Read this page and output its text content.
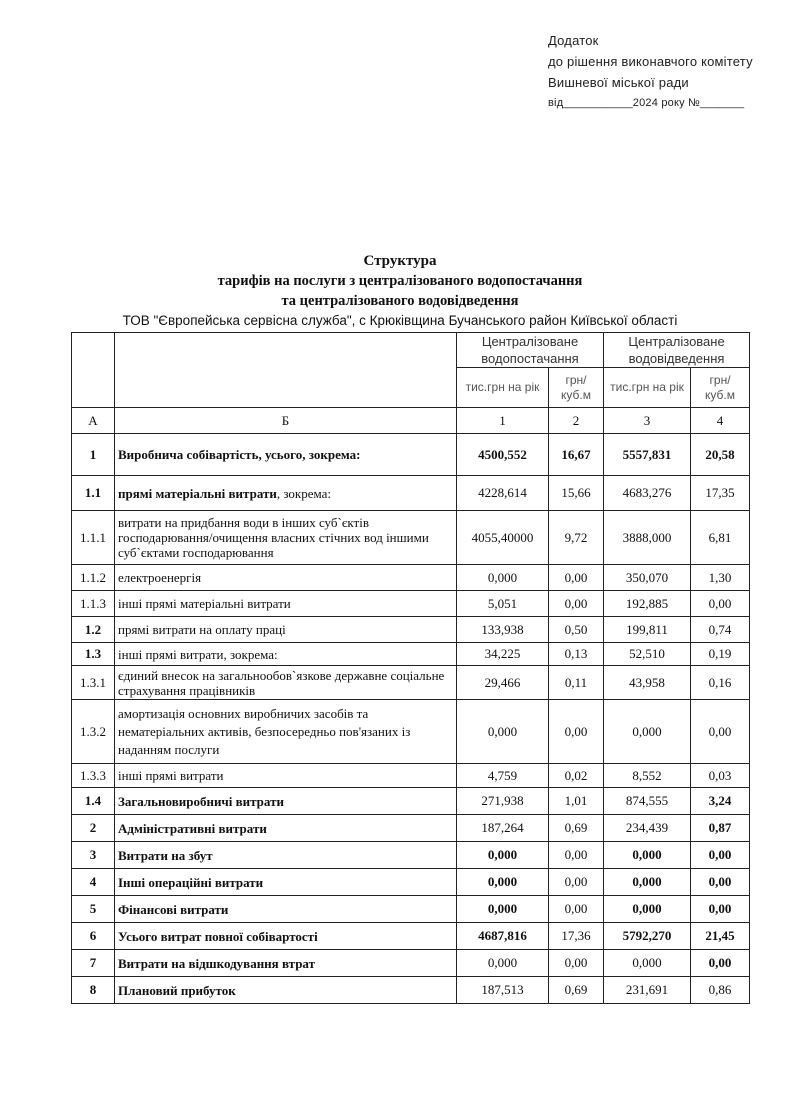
Додаток
до рішення виконавчого комітету
Вишневої міської ради
від___________2024 року №_______
Структура
тарифів на послуги з централізованого водопостачання
та централізованого водовідведення
ТОВ "Європейська сервісна служба", с Крюківщина Бучанського район Київської області
		Централізоване водопостачання		Централізоване водовідведення	
		тис.грн на рік	грн/ куб.м	тис.грн на рік	грн/ куб.м
А	Б	1	2	3	4
1	Виробнича собівартість, усього, зокрема:	4500,552	16,67	5557,831	20,58
1.1	прямі матеріальні витрати, зокрема:	4228,614	15,66	4683,276	17,35
1.1.1	витрати на придбання води в інших суб`єктів господарювання/очищення власних стічних вод іншими суб`єктами господарювання	4055,40000	9,72	3888,000	6,81
1.1.2	електроенергія	0,000	0,00	350,070	1,30
1.1.3	інші прямі матеріальні витрати	5,051	0,00	192,885	0,00
1.2	прямі витрати на оплату праці	133,938	0,50	199,811	0,74
1.3	інші прямі витрати, зокрема:	34,225	0,13	52,510	0,19
1.3.1	єдиний внесок на загальнообов`язкове державне соціальне страхування працівників	29,466	0,11	43,958	0,16
1.3.2	амортизація основних виробничих засобів та нематеріальних активів, безпосередньо пов'язаних із наданням послуги	0,000	0,00	0,000	0,00
1.3.3	інші прямі витрати	4,759	0,02	8,552	0,03
1.4	Загальновиробничі витрати	271,938	1,01	874,555	3,24
2	Адміністративні витрати	187,264	0,69	234,439	0,87
3	Витрати на збут	0,000	0,00	0,000	0,00
4	Інші операційні витрати	0,000	0,00	0,000	0,00
5	Фінансові витрати	0,000	0,00	0,000	0,00
6	Усього витрат повної собівартості	4687,816	17,36	5792,270	21,45
7	Витрати на відшкодування втрат	0,000	0,00	0,000	0,00
8	Плановий прибуток	187,513	0,69	231,691	0,86
